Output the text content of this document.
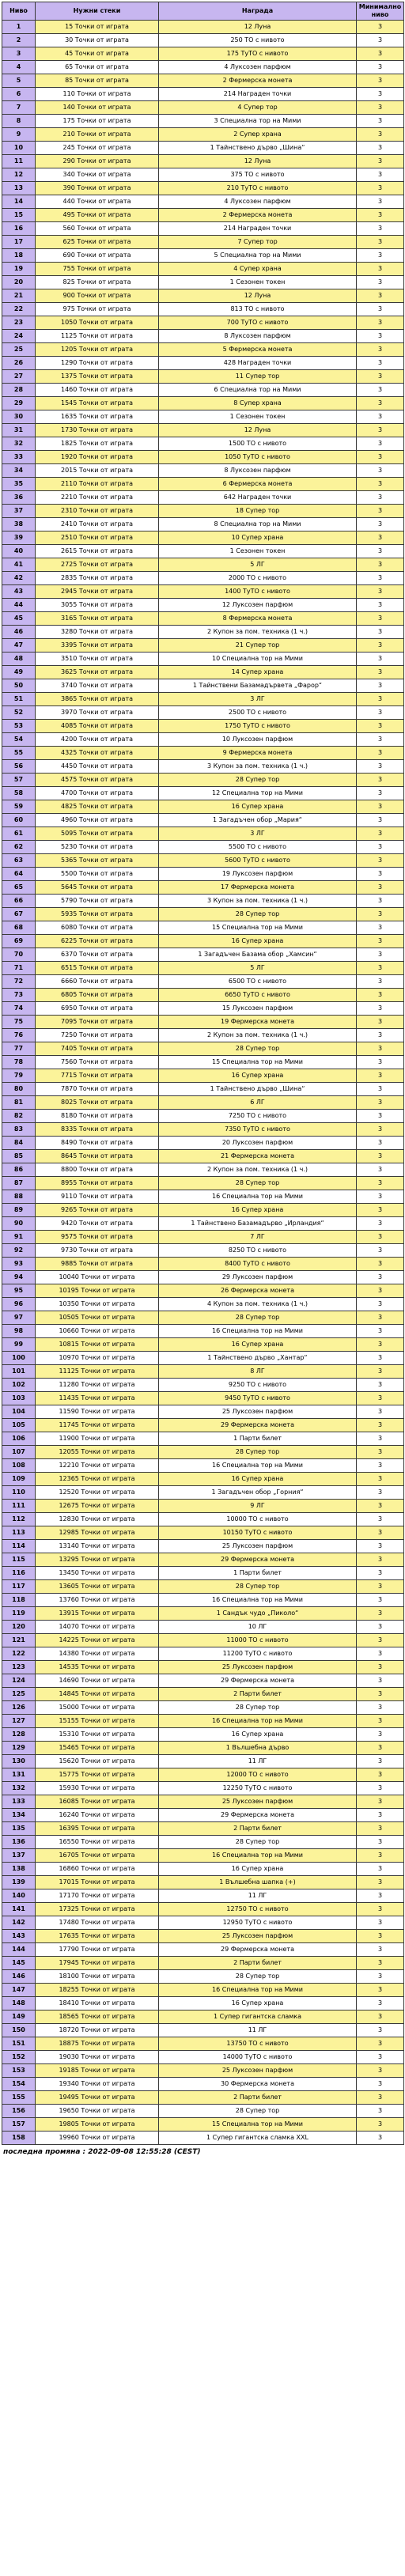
Ниво	Нужни стеки	Награда	Минимално ниво
1	15 Точки от играта	12 Луна	3
2	30 Точки от играта	250 ТО с нивото	3
3	45 Точки от играта	175 ТуТО с нивото	3
4	65 Точки от играта	4 Луксозен парфюм	3
5	85 Точки от играта	2 Фермерска монета	3
6	110 Точки от играта	214 Награден точки	3
7	140 Точки от играта	4 Супер тор	3
8	175 Точки от играта	3 Специална тор на Мими	3
9	210 Точки от играта	2 Супер храна	3
10	245 Точки от играта	1 Тайнствено дърво „Шина“	3
11	290 Точки от играта	12 Луна	3
12	340 Точки от играта	375 ТО с нивото	3
13	390 Точки от играта	210 ТуТО с нивото	3
14	440 Точки от играта	4 Луксозен парфюм	3
15	495 Точки от играта	2 Фермерска монета	3
16	560 Точки от играта	214 Награден точки	3
17	625 Точки от играта	7 Супер тор	3
18	690 Точки от играта	5 Специална тор на Мими	3
19	755 Точки от играта	4 Супер храна	3
20	825 Точки от играта	1 Сезонен токен	3
21	900 Точки от играта	12 Луна	3
22	975 Точки от играта	813 ТО с нивото	3
23	1050 Точки от играта	700 ТуТО с нивото	3
24	1125 Точки от играта	8 Луксозен парфюм	3
25	1205 Точки от играта	5 Фермерска монета	3
26	1290 Точки от играта	428 Награден точки	3
27	1375 Точки от играта	11 Супер тор	3
28	1460 Точки от играта	6 Специална тор на Мими	3
29	1545 Точки от играта	8 Супер храна	3
30	1635 Точки от играта	1 Сезонен токен	3
31	1730 Точки от играта	12 Луна	3
32	1825 Точки от играта	1500 ТО с нивото	3
33	1920 Точки от играта	1050 ТуТО с нивото	3
34	2015 Точки от играта	8 Луксозен парфюм	3
35	2110 Точки от играта	6 Фермерска монета	3
36	2210 Точки от играта	642 Награден точки	3
37	2310 Точки от играта	18 Супер тор	3
38	2410 Точки от играта	8 Специална тор на Мими	3
39	2510 Точки от играта	10 Супер храна	3
40	2615 Точки от играта	1 Сезонен токен	3
41	2725 Точки от играта	5 ЛГ	3
42	2835 Точки от играта	2000 ТО с нивото	3
43	2945 Точки от играта	1400 ТуТО с нивото	3
44	3055 Точки от играта	12 Луксозен парфюм	3
45	3165 Точки от играта	8 Фермерска монета	3
46	3280 Точки от играта	2 Купон за пом. техника (1 ч.)	3
47	3395 Точки от играта	21 Супер тор	3
48	3510 Точки от играта	10 Специална тор на Мими	3
49	3625 Точки от играта	14 Супер храна	3
50	3740 Точки от играта	1 Тайнствени Базамадървета „Фарор“	3
51	3865 Точки от играта	3 ЛГ	3
52	3970 Точки от играта	2500 ТО с нивото	3
53	4085 Точки от играта	1750 ТуТО с нивото	3
54	4200 Точки от играта	10 Луксозен парфюм	3
55	4325 Точки от играта	9 Фермерска монета	3
56	4450 Точки от играта	3 Купон за пом. техника (1 ч.)	3
57	4575 Точки от играта	28 Супер тор	3
58	4700 Точки от играта	12 Специална тор на Мими	3
59	4825 Точки от играта	16 Супер храна	3
60	4960 Точки от играта	1 Загадъчен обор „Мария“	3
61	5095 Точки от играта	3 ЛГ	3
62	5230 Точки от играта	5500 ТО с нивото	3
63	5365 Точки от играта	5600 ТуТО с нивото	3
64	5500 Точки от играта	19 Луксозен парфюм	3
65	5645 Точки от играта	17 Фермерска монета	3
66	5790 Точки от играта	3 Купон за пом. техника (1 ч.)	3
67	5935 Точки от играта	28 Супер тор	3
68	6080 Точки от играта	15 Специална тор на Мими	3
69	6225 Точки от играта	16 Супер храна	3
70	6370 Точки от играта	1 Загадъчен Базама обор „Хамсин“	3
71	6515 Точки от играта	5 ЛГ	3
72	6660 Точки от играта	6500 ТО с нивото	3
73	6805 Точки от играта	6650 ТуТО с нивото	3
74	6950 Точки от играта	15 Луксозен парфюм	3
75	7095 Точки от играта	19 Фермерска монета	3
76	7250 Точки от играта	2 Купон за пом. техника (1 ч.)	3
77	7405 Точки от играта	28 Супер тор	3
78	7560 Точки от играта	15 Специална тор на Мими	3
79	7715 Точки от играта	16 Супер храна	3
80	7870 Точки от играта	1 Тайнствено дърво „Шина“	3
81	8025 Точки от играта	6 ЛГ	3
82	8180 Точки от играта	7250 ТО с нивото	3
83	8335 Точки от играта	7350 ТуТО с нивото	3
84	8490 Точки от играта	20 Луксозен парфюм	3
85	8645 Точки от играта	21 Фермерска монета	3
86	8800 Точки от играта	2 Купон за пом. техника (1 ч.)	3
87	8955 Точки от играта	28 Супер тор	3
88	9110 Точки от играта	16 Специална тор на Мими	3
89	9265 Точки от играта	16 Супер храна	3
90	9420 Точки от играта	1 Тайнствено Базамадърво „Ирландия“	3
91	9575 Точки от играта	7 ЛГ	3
92	9730 Точки от играта	8250 ТО с нивото	3
93	9885 Точки от играта	8400 ТуТО с нивото	3
94	10040 Точки от играта	29 Луксозен парфюм	3
95	10195 Точки от играта	26 Фермерска монета	3
96	10350 Точки от играта	4 Купон за пом. техника (1 ч.)	3
97	10505 Точки от играта	28 Супер тор	3
98	10660 Точки от играта	16 Специална тор на Мими	3
99	10815 Точки от играта	16 Супер храна	3
100	10970 Точки от играта	1 Тайнствено дърво „Хантар“	3
101	11125 Точки от играта	8 ЛГ	3
102	11280 Точки от играта	9250 ТО с нивото	3
103	11435 Точки от играта	9450 ТуТО с нивото	3
104	11590 Точки от играта	25 Луксозен парфюм	3
105	11745 Точки от играта	29 Фермерска монета	3
106	11900 Точки от играта	1 Парти билет	3
107	12055 Точки от играта	28 Супер тор	3
108	12210 Точки от играта	16 Специална тор на Мими	3
109	12365 Точки от играта	16 Супер храна	3
110	12520 Точки от играта	1 Загадъчен обор „Горния“	3
111	12675 Точки от играта	9 ЛГ	3
112	12830 Точки от играта	10000 ТО с нивото	3
113	12985 Точки от играта	10150 ТуТО с нивото	3
114	13140 Точки от играта	25 Луксозен парфюм	3
115	13295 Точки от играта	29 Фермерска монета	3
116	13450 Точки от играта	1 Парти билет	3
117	13605 Точки от играта	28 Супер тор	3
118	13760 Точки от играта	16 Специална тор на Мими	3
119	13915 Точки от играта	1 Сандък чудо „Пиколо“	3
120	14070 Точки от играта	10 ЛГ	3
121	14225 Точки от играта	11000 ТО с нивото	3
122	14380 Точки от играта	11200 ТуТО с нивото	3
123	14535 Точки от играта	25 Луксозен парфюм	3
124	14690 Точки от играта	29 Фермерска монета	3
125	14845 Точки от играта	2 Парти билет	3
126	15000 Точки от играта	28 Супер тор	3
127	15155 Точки от играта	16 Специална тор на Мими	3
128	15310 Точки от играта	16 Супер храна	3
129	15465 Точки от играта	1 Вълшебна дърво	3
130	15620 Точки от играта	11 ЛГ	3
131	15775 Точки от играта	12000 ТО с нивото	3
132	15930 Точки от играта	12250 ТуТО с нивото	3
133	16085 Точки от играта	25 Луксозен парфюм	3
134	16240 Точки от играта	29 Фермерска монета	3
135	16395 Точки от играта	2 Парти билет	3
136	16550 Точки от играта	28 Супер тор	3
137	16705 Точки от играта	16 Специална тор на Мими	3
138	16860 Точки от играта	16 Супер храна	3
139	17015 Точки от играта	1 Вълшебна шапка (+)	3
140	17170 Точки от играта	11 ЛГ	3
141	17325 Точки от играта	12750 ТО с нивото	3
142	17480 Точки от играта	12950 ТуТО с нивото	3
143	17635 Точки от играта	25 Луксозен парфюм	3
144	17790 Точки от играта	29 Фермерска монета	3
145	17945 Точки от играта	2 Парти билет	3
146	18100 Точки от играта	28 Супер тор	3
147	18255 Точки от играта	16 Специална тор на Мими	3
148	18410 Точки от играта	16 Супер храна	3
149	18565 Точки от играта	1 Супер гигантска сламка	3
150	18720 Точки от играта	11 ЛГ	3
151	18875 Точки от играта	13750 ТО с нивото	3
152	19030 Точки от играта	14000 ТуТО с нивото	3
153	19185 Точки от играта	25 Луксозен парфюм	3
154	19340 Точки от играта	30 Фермерска монета	3
155	19495 Точки от играта	2 Парти билет	3
156	19650 Точки от играта	28 Супер тор	3
157	19805 Точки от играта	15 Специална тор на Мими	3
158	19960 Точки от играта	1 Супер гигантска сламка XXL	3
последна промяна : 2022-09-08 12:55:28 (CEST)
